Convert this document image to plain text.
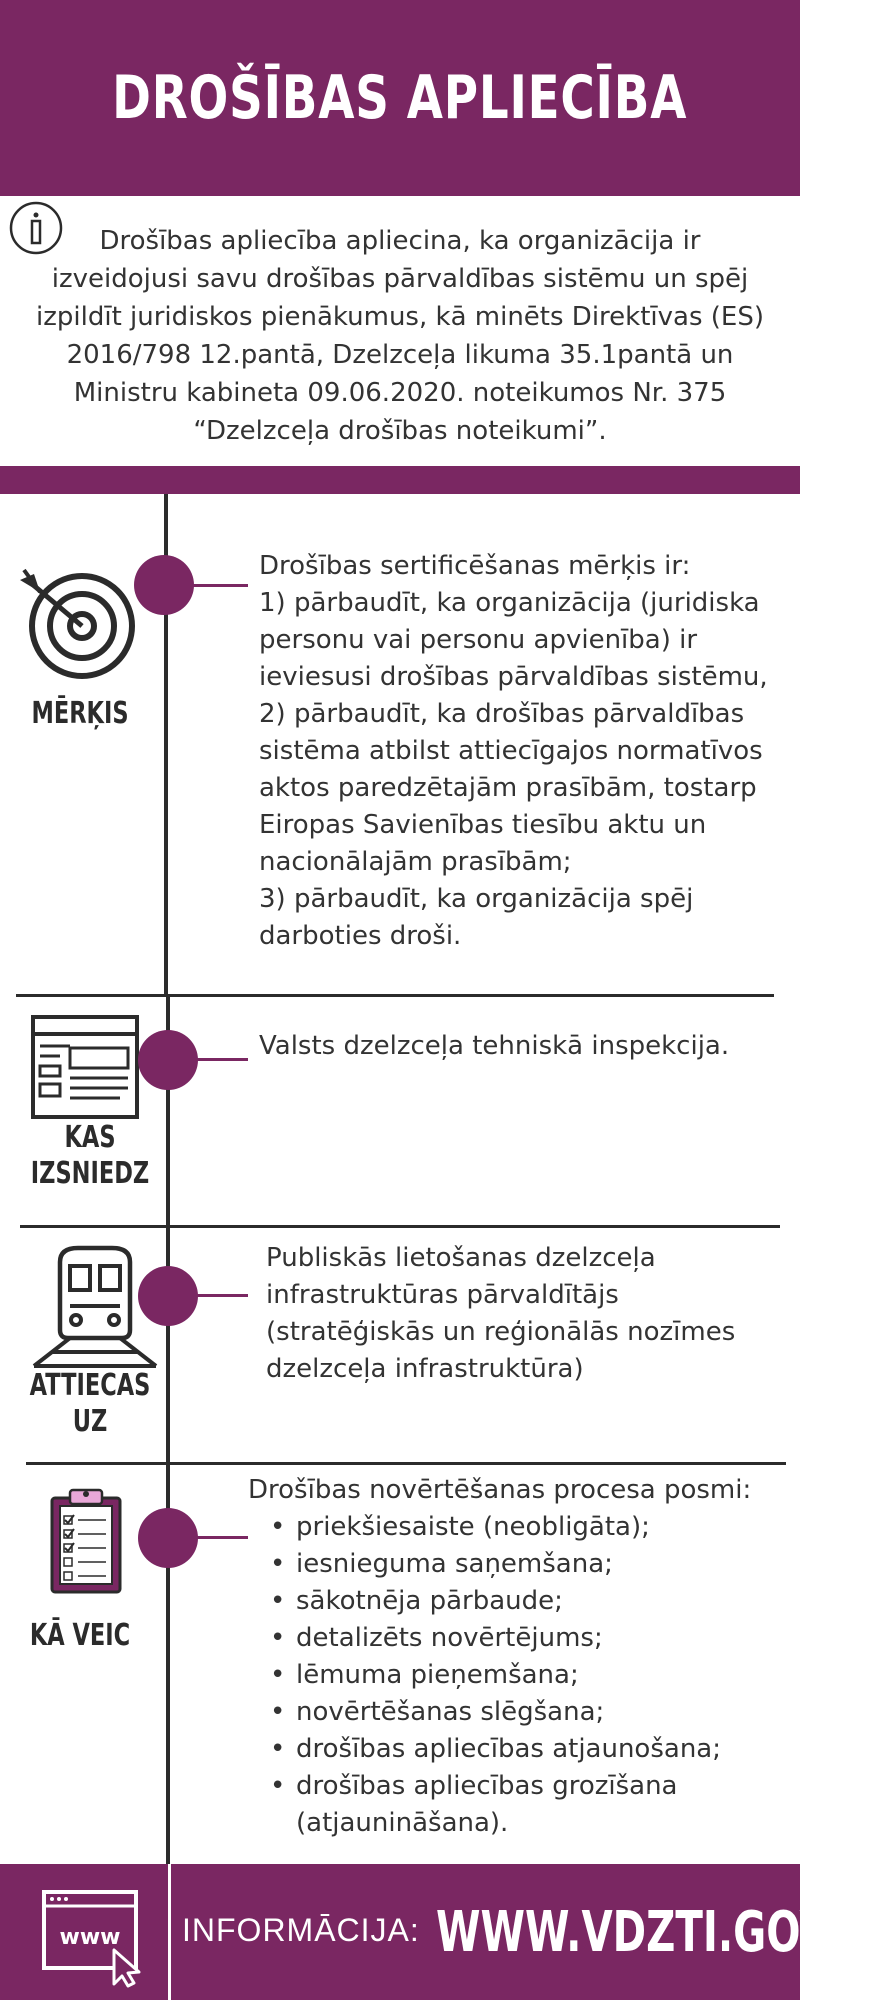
DROŠĪBAS APLIECĪBA
Drošības apliecība apliecina, ka organizācija ir
izveidojusi savu drošības pārvaldības sistēmu un spēj
izpildīt juridiskos pienākumus, kā minēts Direktīvas (ES)
2016/798 12.pantā, Dzelzceļa likuma 35.1pantā un
Ministru kabineta 09.06.2020. noteikumos Nr. 375
“Dzelzceļa drošības noteikumi”.
MĒRĶIS

Drošības sertificēšanas mērķis ir:

1) pārbaudīt, ka organizācija (juridiska

personu vai personu apvienība) ir

ieviesusi drošības pārvaldības sistēmu,

2) pārbaudīt, ka drošības pārvaldības

sistēma atbilst attiecīgajos normatīvos

aktos paredzētajām prasībām, tostarp

Eiropas Savienības tiesību aktu un

nacionālajām prasībām;

3) pārbaudīt, ka organizācija spēj

darboties droši.

KAS
IZSNIEDZ
Valsts dzelzceļa tehniskā inspekcija.
ATTIECAS
UZ

Publiskās lietošanas dzelzceļa

infrastruktūras pārvaldītājs

(stratēģiskās un reģionālās nozīmes

dzelzceļa infrastruktūra)

KĀ VEIC

Drošības novērtēšanas procesa posmi:

• priekšiesaiste (neobligāta);
• iesnieguma saņemšana;
• sākotnēja pārbaude;
• detalizēts novērtējums;
• lēmuma pieņemšana;
• novērtēšanas slēgšana;
• drošības apliecības atjaunošana;
• drošības apliecības grozīšana

(atjaunināšana).

www INFORMĀCIJA: WWW.VDZTI.GOV.LV
